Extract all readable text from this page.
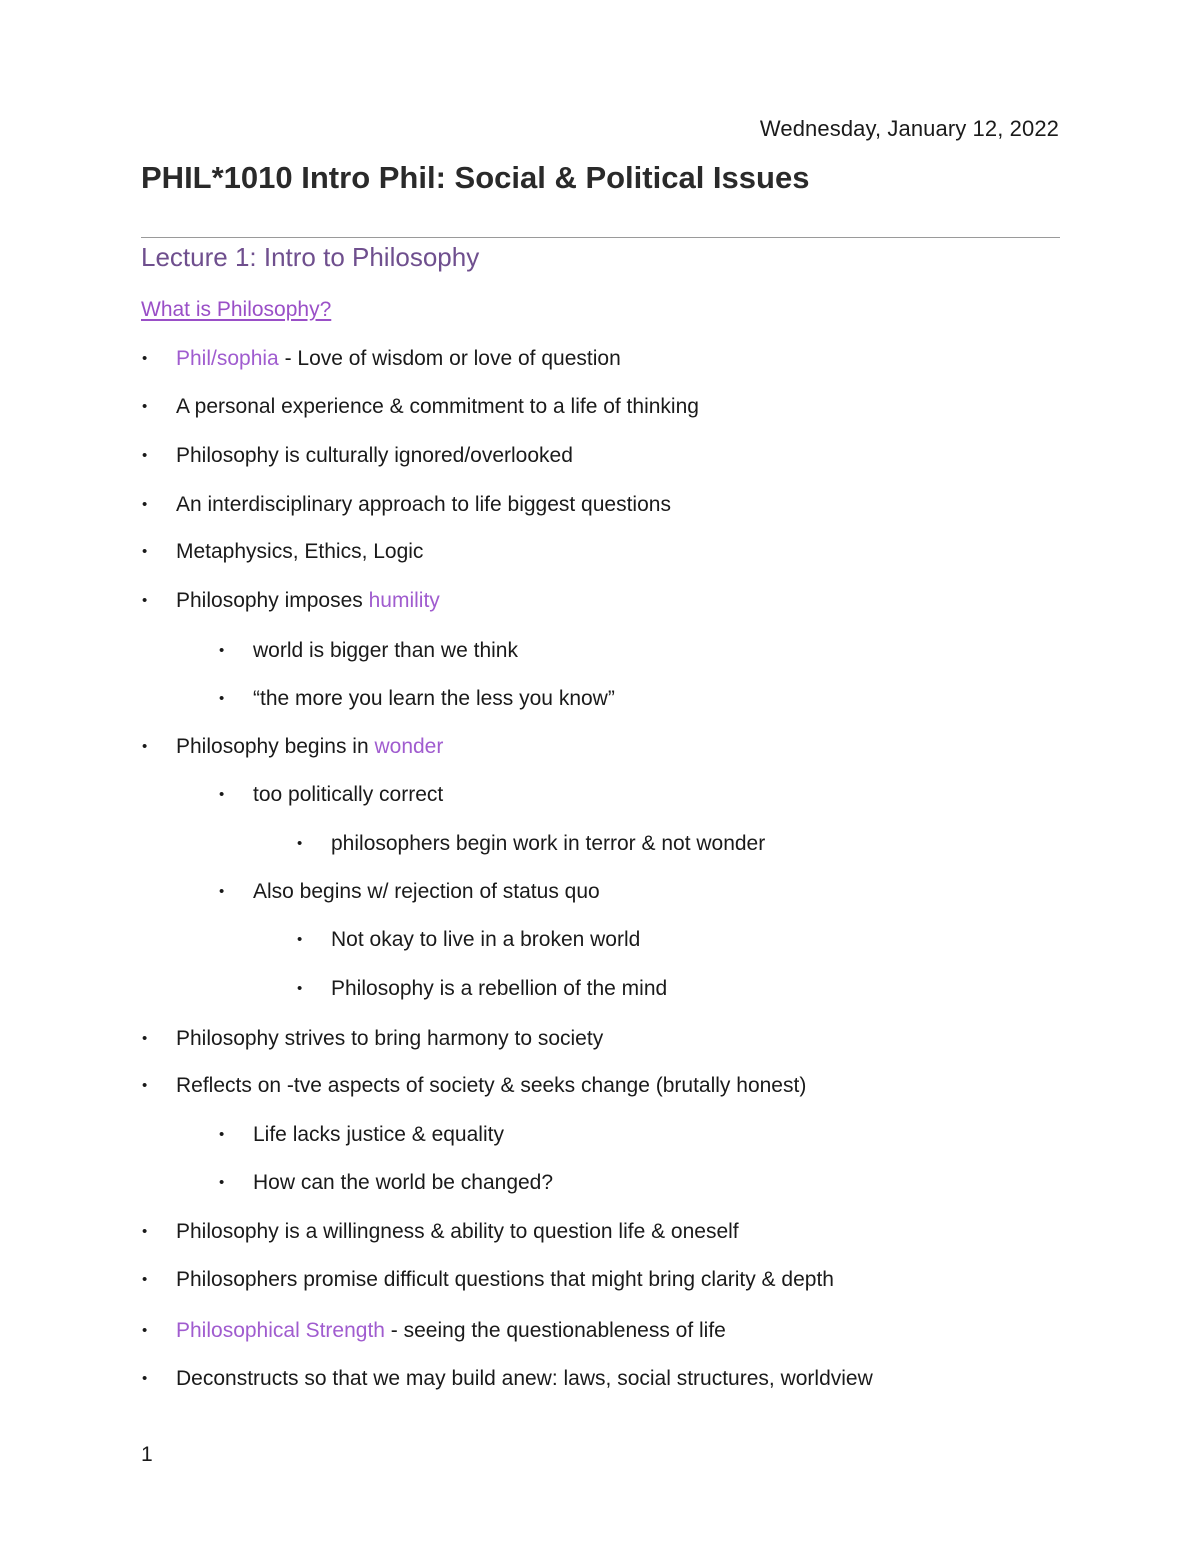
Wednesday, January 12, 2022
PHIL*1010 Intro Phil: Social & Political Issues
Lecture 1: Intro to Philosophy
What is Philosophy?
• Phil/sophia - Love of wisdom or love of question
• A personal experience & commitment to a life of thinking
• Philosophy is culturally ignored/overlooked
• An interdisciplinary approach to life biggest questions
• Metaphysics, Ethics, Logic
• Philosophy imposes humility
• world is bigger than we think
• “the more you learn the less you know”
• Philosophy begins in wonder
• too politically correct
• philosophers begin work in terror & not wonder
• Also begins w/ rejection of status quo
• Not okay to live in a broken world
• Philosophy is a rebellion of the mind
• Philosophy strives to bring harmony to society
• Reflects on -tve aspects of society & seeks change (brutally honest)
• Life lacks justice & equality
• How can the world be changed?
• Philosophy is a willingness & ability to question life & oneself
• Philosophers promise difficult questions that might bring clarity & depth
• Philosophical Strength - seeing the questionableness of life
• Deconstructs so that we may build anew: laws, social structures, worldview
1
